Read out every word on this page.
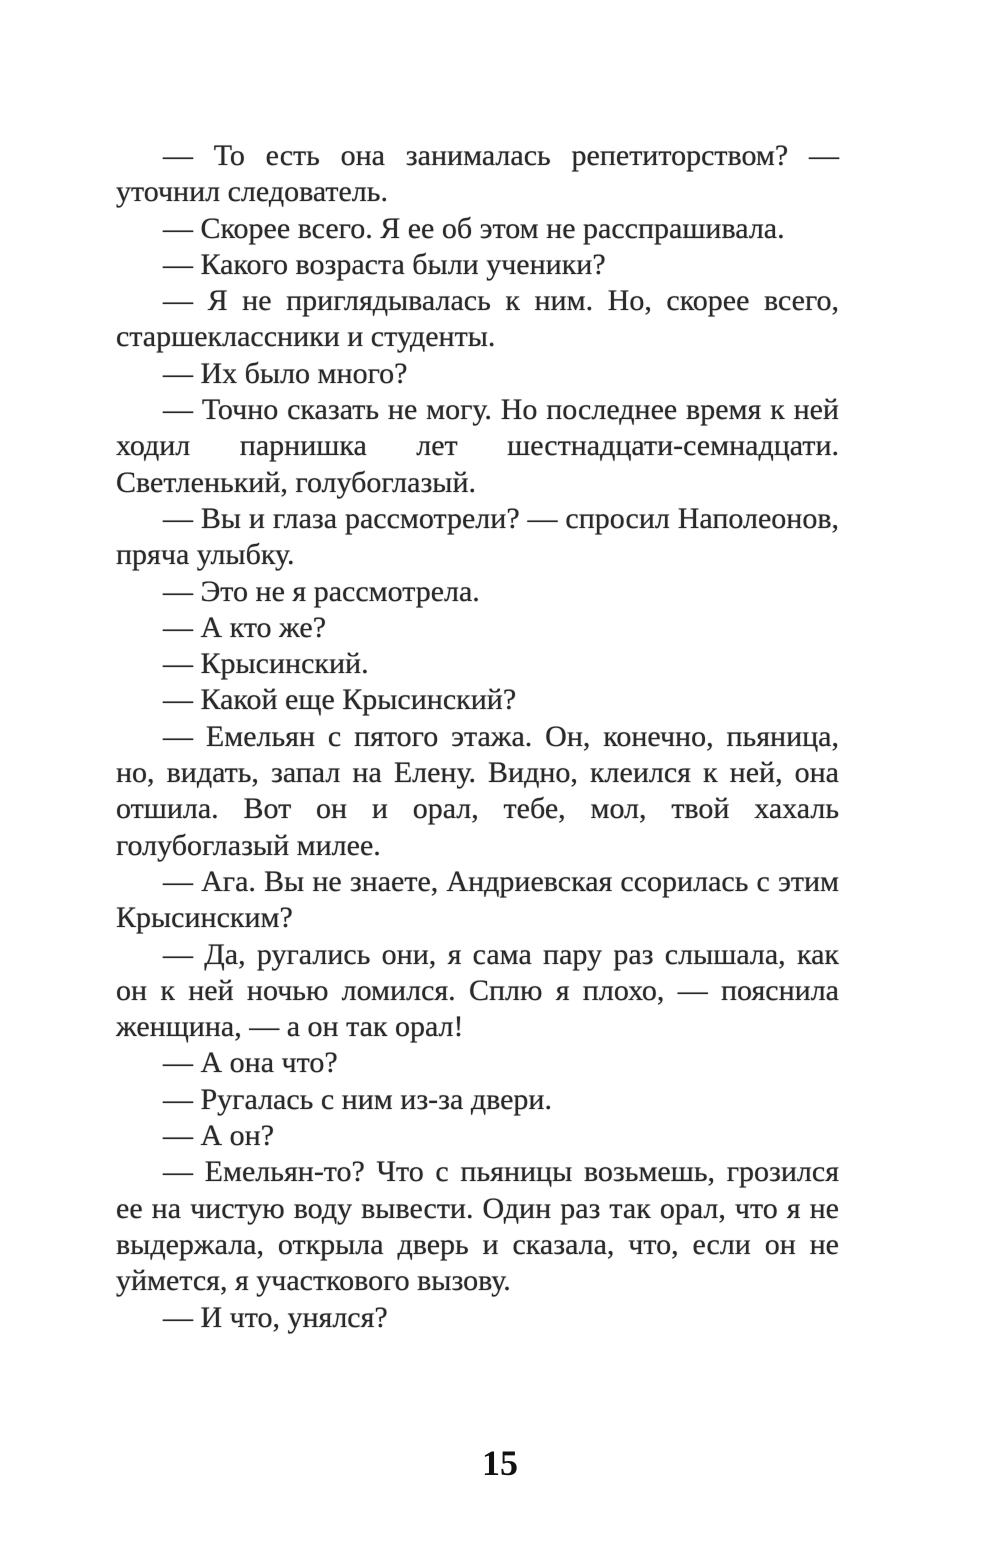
— То есть она занималась репетиторством? — уточнил следователь.

— Скорее всего. Я ее об этом не расспрашивала.

— Какого возраста были ученики?

— Я не приглядывалась к ним. Но, скорее всего, старшеклассники и студенты.

— Их было много?

— Точно сказать не могу. Но последнее время к ней ходил парнишка лет шестнадцати-семнадцати. Светленький, голубоглазый.

— Вы и глаза рассмотрели? — спросил Наполеонов, пряча улыбку.

— Это не я рассмотрела.

— А кто же?

— Крысинский.

— Какой еще Крысинский?

— Емельян с пятого этажа. Он, конечно, пьяница, но, видать, запал на Елену. Видно, клеился к ней, она отшила. Вот он и орал, тебе, мол, твой хахаль голубоглазый милее.

— Ага. Вы не знаете, Андриевская ссорилась с этим Крысинским?

— Да, ругались они, я сама пару раз слышала, как он к ней ночью ломился. Сплю я плохо, — пояснила женщина, — а он так орал!

— А она что?

— Ругалась с ним из-за двери.

— А он?

— Емельян-то? Что с пьяницы возьмешь, грозился ее на чистую воду вывести. Один раз так орал, что я не выдержала, открыла дверь и сказала, что, если он не уймется, я участкового вызову.

— И что, унялся?

15
